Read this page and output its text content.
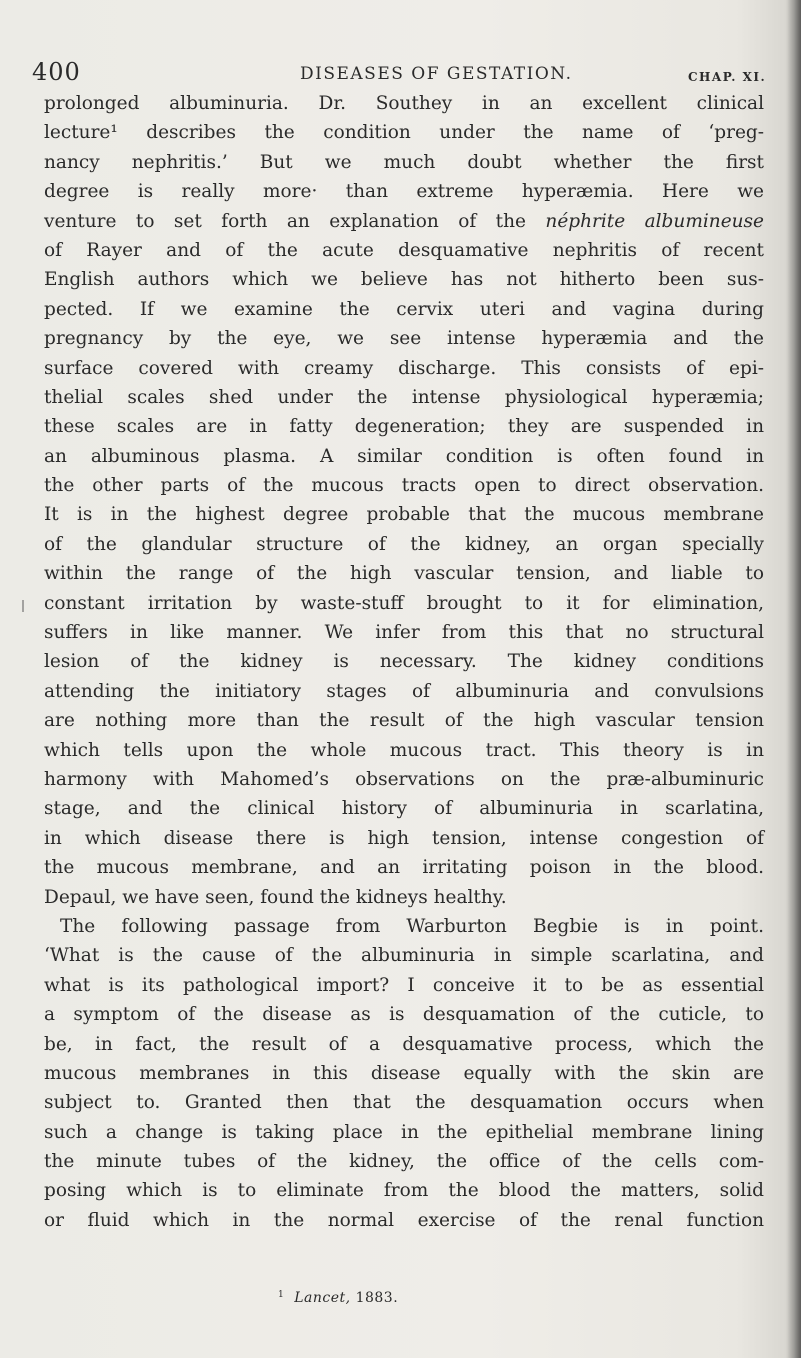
400	DISEASES OF GESTATION.	CHAP. XI.
prolonged albuminuria. Dr. Southey in an excellent clinical
lecture¹ describes the condition under the name of ‘preg-
nancy nephritis.’ But we much doubt whether the first
degree is really more· than extreme hyperæmia. Here we
venture to set forth an explanation of the néphrite albumineuse
of Rayer and of the acute desquamative nephritis of recent
English authors which we believe has not hitherto been sus-
pected. If we examine the cervix uteri and vagina during
pregnancy by the eye, we see intense hyperæmia and the
surface covered with creamy discharge. This consists of epi-
thelial scales shed under the intense physiological hyperæmia;
these scales are in fatty degeneration; they are suspended in
an albuminous plasma. A similar condition is often found in
the other parts of the mucous tracts open to direct observation.
It is in the highest degree probable that the mucous membrane
of the glandular structure of the kidney, an organ specially
within the range of the high vascular tension, and liable to
constant irritation by waste-stuff brought to it for elimination,
suffers in like manner. We infer from this that no structural
lesion of the kidney is necessary. The kidney conditions
attending the initiatory stages of albuminuria and convulsions
are nothing more than the result of the high vascular tension
which tells upon the whole mucous tract. This theory is in
harmony with Mahomed’s observations on the præ-albuminuric
stage, and the clinical history of albuminuria in scarlatina,
in which disease there is high tension, intense congestion of
the mucous membrane, and an irritating poison in the blood.
Depaul, we have seen, found the kidneys healthy.
The following passage from Warburton Begbie is in point.
‘What is the cause of the albuminuria in simple scarlatina, and
what is its pathological import? I conceive it to be as essential
a symptom of the disease as is desquamation of the cuticle, to
be, in fact, the result of a desquamative process, which the
mucous membranes in this disease equally with the skin are
subject to. Granted then that the desquamation occurs when
such a change is taking place in the epithelial membrane lining
the minute tubes of the kidney, the office of the cells com-
posing which is to eliminate from the blood the matters, solid
or fluid which in the normal exercise of the renal function
$^1$ Lancet, 1883.
